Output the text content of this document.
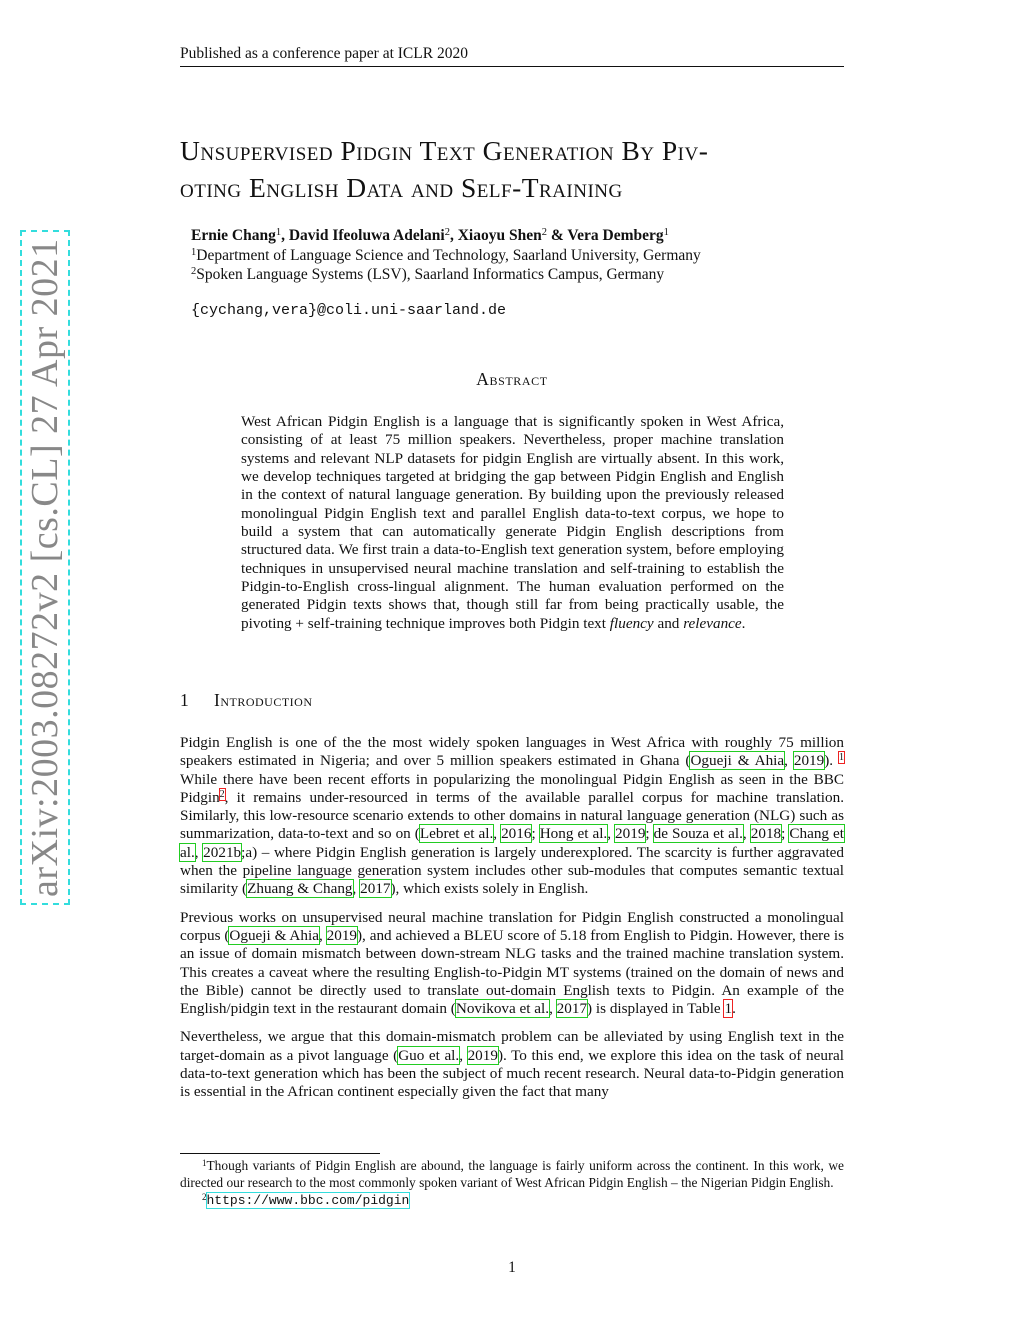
Published as a conference paper at ICLR 2020
arXiv:2003.08272v2 [cs.CL] 27 Apr 2021
Unsupervised Pidgin Text Generation By Piv-
oting English Data and Self-Training
Ernie Chang$^1$, David Ifeoluwa Adelani$^2$, Xiaoyu Shen$^2$ & Vera Demberg$^1$
$^1$Department of Language Science and Technology, Saarland University, Germany
$^2$Spoken Language Systems (LSV), Saarland Informatics Campus, Germany
{cychang,vera}@coli.uni-saarland.de
Abstract
West African Pidgin English is a language that is significantly spoken in West Africa, consisting of at least 75 million speakers. Nevertheless, proper machine translation systems and relevant NLP datasets for pidgin English are virtually absent. In this work, we develop techniques targeted at bridging the gap between Pidgin English and English in the context of natural language generation. By building upon the previously released monolingual Pidgin English text and parallel English data-to-text corpus, we hope to build a system that can automatically generate Pidgin English descriptions from structured data. We first train a data-to-English text generation system, before employing techniques in unsupervised neural machine translation and self-training to establish the Pidgin-to-English cross-lingual alignment. The human evaluation performed on the generated Pidgin texts shows that, though still far from being practically usable, the pivoting + self-training technique improves both Pidgin text fluency and relevance.
1 Introduction

Pidgin English is one of the the most widely spoken languages in West Africa with roughly 75 million speakers estimated in Nigeria; and over 5 million speakers estimated in Ghana (Ogueji & Ahia, 2019). $^1$ While there have been recent efforts in popularizing the monolingual Pidgin English as seen in the BBC Pidgin$^2$, it remains under-resourced in terms of the available parallel corpus for machine translation. Similarly, this low-resource scenario extends to other domains in natural language generation (NLG) such as summarization, data-to-text and so on (Lebret et al., 2016; Hong et al., 2019; de Souza et al., 2018; Chang et al., 2021b;a) – where Pidgin English generation is largely underexplored. The scarcity is further aggravated when the pipeline language generation system includes other sub-modules that computes semantic textual similarity (Zhuang & Chang, 2017), which exists solely in English.

Previous works on unsupervised neural machine translation for Pidgin English constructed a monolingual corpus (Ogueji & Ahia, 2019), and achieved a BLEU score of 5.18 from English to Pidgin. However, there is an issue of domain mismatch between down-stream NLG tasks and the trained machine translation system. This creates a caveat where the resulting English-to-Pidgin MT systems (trained on the domain of news and the Bible) cannot be directly used to translate out-domain English texts to Pidgin. An example of the English/pidgin text in the restaurant domain (Novikova et al., 2017) is displayed in Table 1.

Nevertheless, we argue that this domain-mismatch problem can be alleviated by using English text in the target-domain as a pivot language (Guo et al., 2019). To this end, we explore this idea on the task of neural data-to-text generation which has been the subject of much recent research. Neural data-to-Pidgin generation is essential in the African continent especially given the fact that many

$^1$Though variants of Pidgin English are abound, the language is fairly uniform across the continent. In this work, we directed our research to the most commonly spoken variant of West African Pidgin English – the Nigerian Pidgin English.

$^2$https://www.bbc.com/pidgin

1
